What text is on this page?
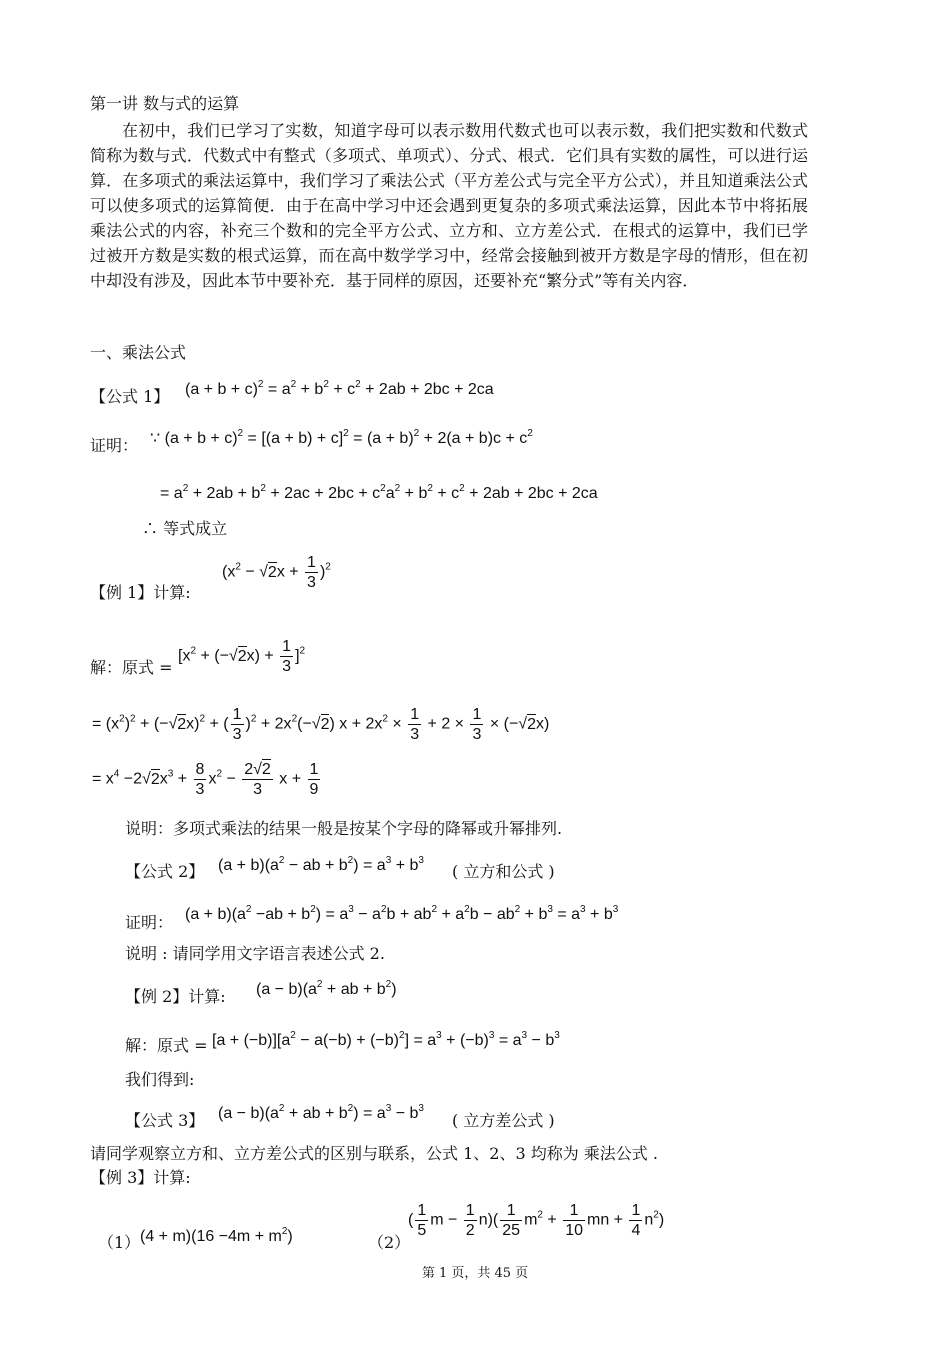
第一讲 数与式的运算
在初中，我们已学习了实数，知道字母可以表示数用代数式也可以表示数，我们把实数和代数式简称为数与式．代数式中有整式（多项式、单项式）、分式、根式．它们具有实数的属性，可以进行运算．在多项式的乘法运算中，我们学习了乘法公式（平方差公式与完全平方公式），并且知道乘法公式可以使多项式的运算简便．由于在高中学习中还会遇到更复杂的多项式乘法运算，因此本节中将拓展乘法公式的内容，补充三个数和的完全平方公式、立方和、立方差公式．在根式的运算中，我们已学过被开方数是实数的根式运算，而在高中数学学习中，经常会接触到被开方数是字母的情形，但在初中却没有涉及，因此本节中要补充．基于同样的原因，还要补充“繁分式”等有关内容．
一、乘法公式
【公式 1】 $(a + b + c)^2 = a^2 + b^2 + c^2 + 2ab + 2bc + 2ca$
证明： ∵ $(a + b + c)^2 = [(a + b) + c]^2 = (a + b)^2 + 2(a + b)c + c^2$
= $a^2 + 2ab + b^2 + 2ac + 2bc + c^2a^2 + b^2 + c^2 + 2ab + 2bc + 2ca$
∴ 等式成立
$(x^2 - √2x + \frac{1}{3} )^2$
【例 1】计算:
$[x^2 + (-√2x) + \frac{1}{3} ]^2$
解：原式 =
= $(x^2)^2 + (-√2x)^2$ + ( $\frac{1}{3} )^2 + 2x^2(-√2)$ $x + 2x^2 \times \frac{1}{3} + 2 \times \frac{1}{3} \times (-√2x)$
= $x^4 -2√2x^3 + \frac{8}{3} x^2 - \frac{2√2}{3}$ $x + \frac{1}{9}$
说明：多项式乘法的结果一般是按某个字母的降幂或升幂排列.
【公式 2】 $(a + b)(a^2$ − ab + $b^2) = a^3 + b^3$
( 立方和公式 )
证明： $(a + b)(a^2 -ab + b^2) = a^3 - a^2b + ab^2 + a^2b - ab^2 + b^3 = a^3 + b^3$
说明 : 请同学用文字语言表述公式 2.
【例 2】计算: $(a - b)(a^2$ + ab + $b^2$)
解：原式 = $[a + (-b)][a^2 - a(-b) + (-b)^2] = a^3 + (-b)^3 = a^3 - b^3$
我们得到:
【公式 3】 $(a - b)(a^2$ + ab + $b^2) = a^3 - b^3$
( 立方差公式 )
请同学观察立方和、立方差公式的区别与联系，公式 1、2、3 均称为 乘法公式 .
【例 3】计算:
（1） $(4 + m)(16 -4m + m^2)$	（2）
( $\frac{1}{5}$ $m - \frac{1}{2} n)( \frac{1}{25} m^2 + \frac{1}{10}$ mn + $\frac{1}{4} n^2$)
第 1 页，共 45 页
